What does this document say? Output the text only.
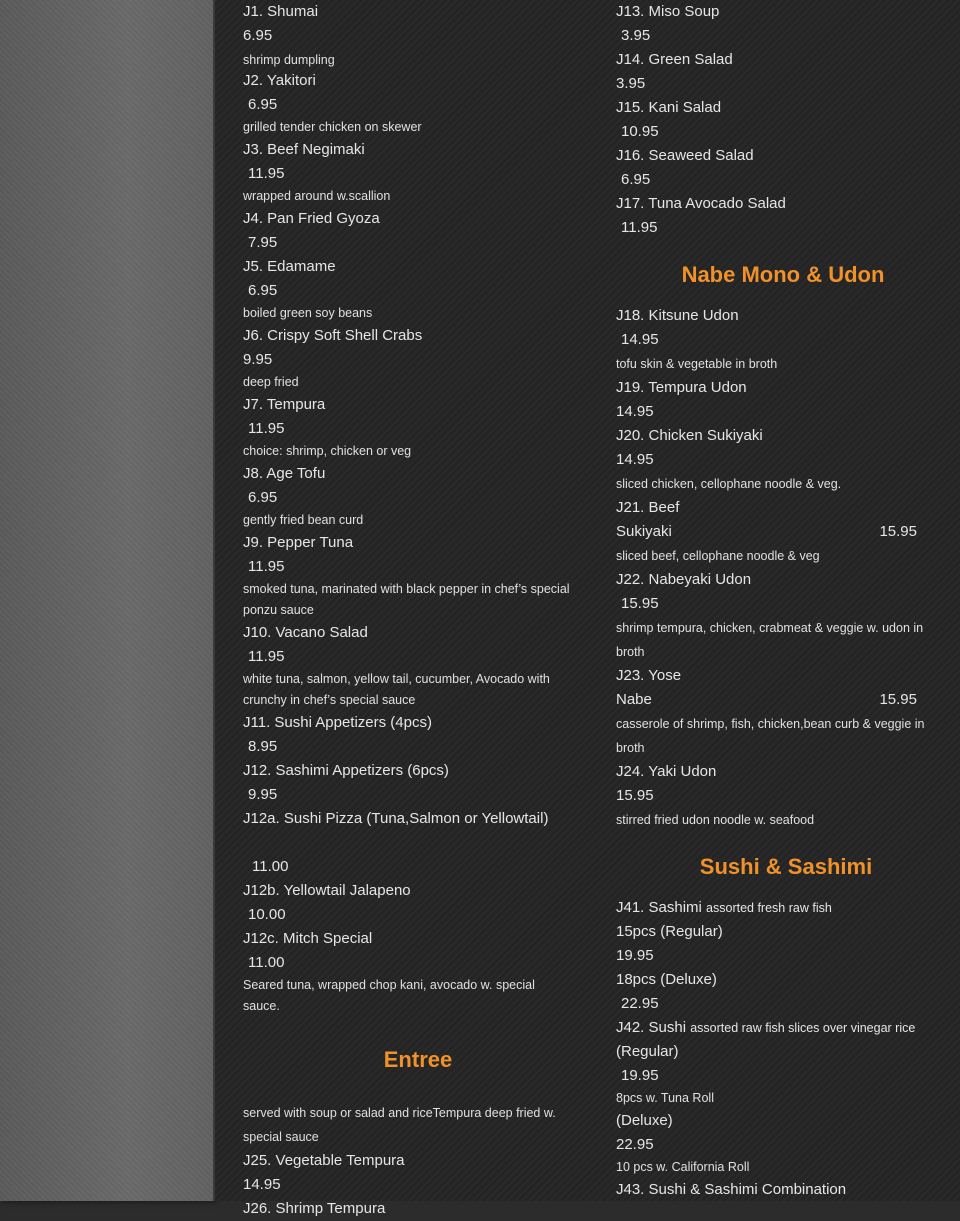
J1. Shumai
6.95
shrimp dumpling
J2. Yakitori
6.95
grilled tender chicken on skewer
J3. Beef Negimaki
11.95
wrapped around w.scallion
J4. Pan Fried Gyoza
7.95
J5. Edamame
6.95
boiled green soy beans
J6. Crispy Soft Shell Crabs
9.95
deep fried
J7. Tempura
11.95
choice: shrimp, chicken or veg
J8. Age Tofu
6.95
gently fried bean curd
J9. Pepper Tuna
11.95
smoked tuna, marinated with black pepper in chef’s special ponzu sauce
J10. Vacano Salad
11.95
white tuna, salmon, yellow tail, cucumber, Avocado with crunchy in chef’s special sauce
J11. Sushi Appetizers (4pcs)
8.95
J12. Sashimi Appetizers (6pcs)
9.95
J12a. Sushi Pizza (Tuna,Salmon or Yellowtail)
11.00
J12b. Yellowtail Jalapeno
10.00
J12c. Mitch Special
11.00
Seared tuna, wrapped chop kani, avocado w. special sauce.
Entree
served with soup or salad and riceTempura deep fried w. special sauce
J25. Vegetable Tempura
14.95
J26. Shrimp Tempura
J13. Miso Soup
3.95
J14. Green Salad
3.95
J15. Kani Salad
10.95
J16. Seaweed Salad
6.95
J17. Tuna Avocado Salad
11.95
Nabe Mono & Udon
J18. Kitsune Udon
14.95
tofu skin & vegetable in broth
J19. Tempura Udon
14.95
J20. Chicken Sukiyaki
14.95
sliced chicken, cellophane noodle & veg.
J21. Beef
Sukiyaki	15.95
sliced beef, cellophane noodle & veg
J22. Nabeyaki Udon
15.95
shrimp tempura, chicken, crabmeat & veggie w. udon in broth
J23. Yose
Nabe	15.95
casserole of shrimp, fish, chicken,bean curb & veggie in broth
J24. Yaki Udon
15.95
stirred fried udon noodle w. seafood
Sushi & Sashimi
J41. Sashimi assorted fresh raw fish
15pcs (Regular)
19.95
18pcs (Deluxe)
22.95
J42. Sushi assorted raw fish slices over vinegar rice
(Regular)
19.95
8pcs w. Tuna Roll
(Deluxe)
22.95
10 pcs w. California Roll
J43. Sushi & Sashimi Combination
